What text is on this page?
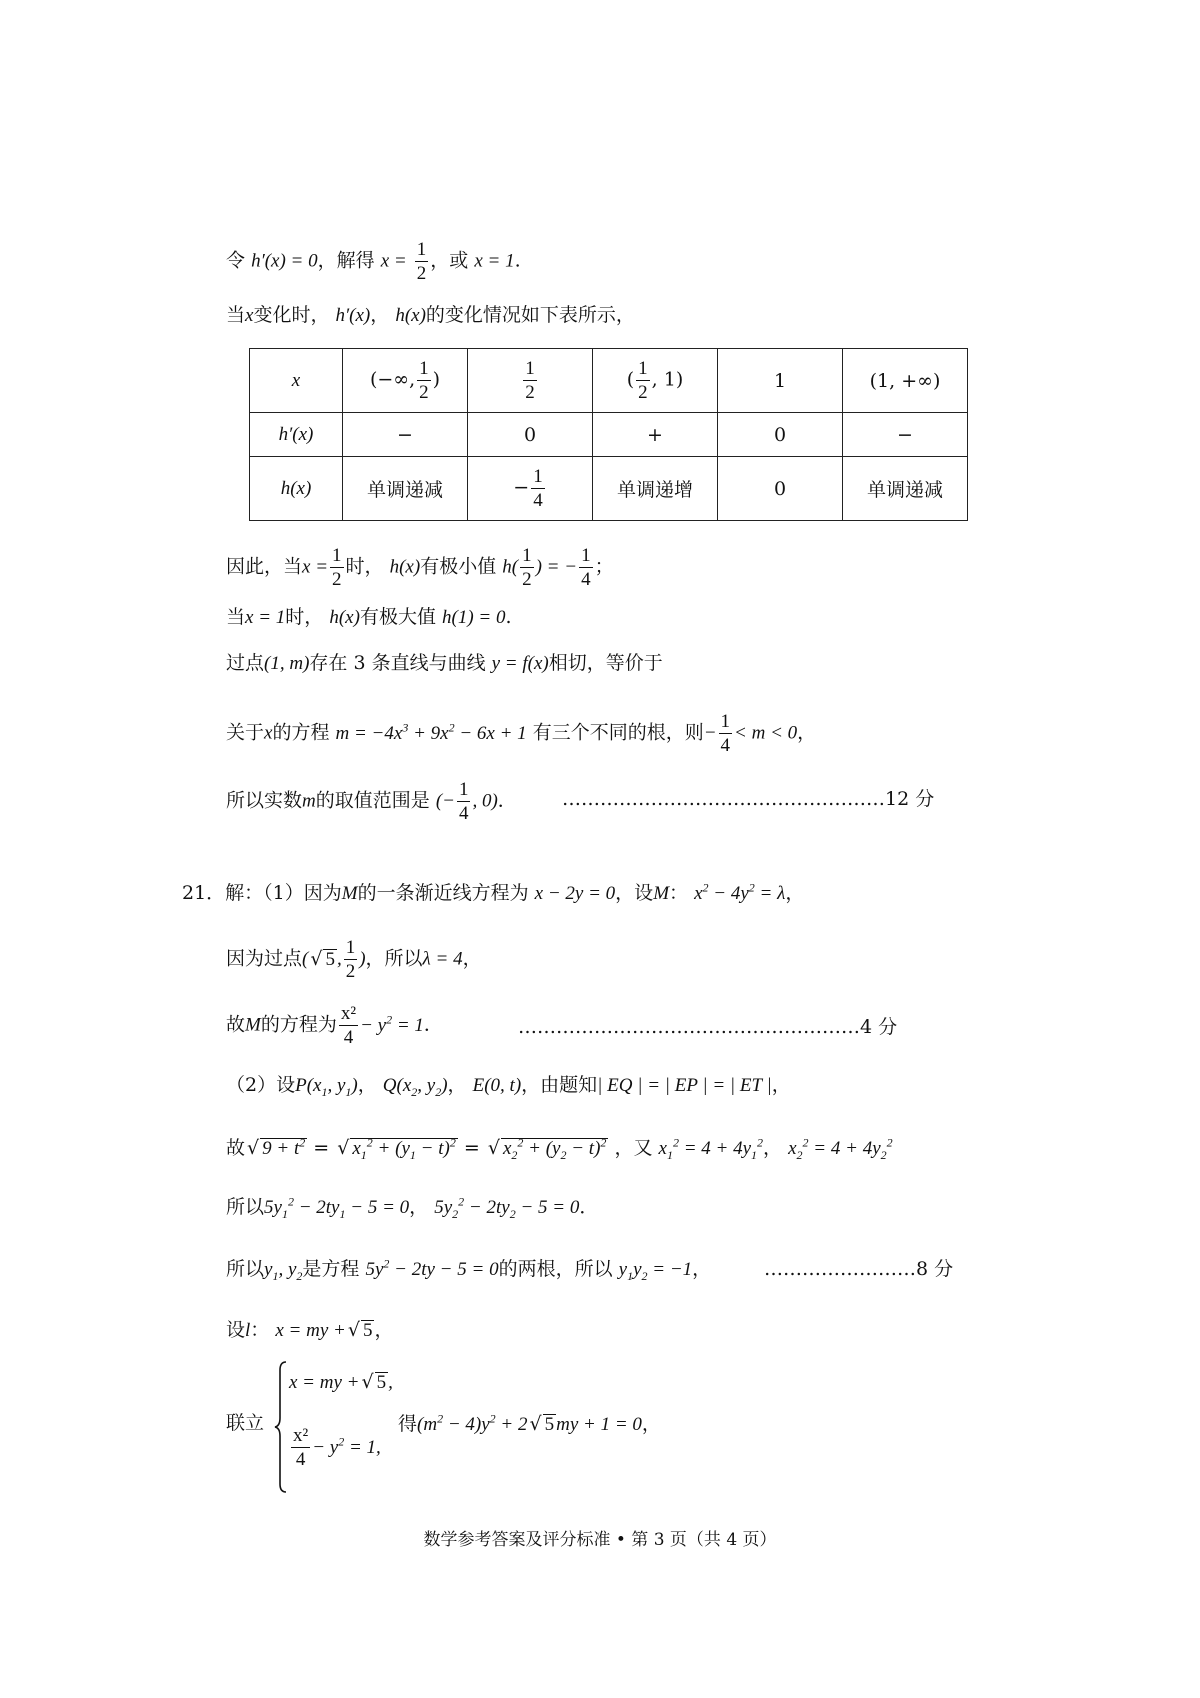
令 h′(x) = 0，解得 $x = \frac{1}{2}$ ，或 x = 1.
当x变化时， h′(x)， h(x)的变化情况如下表所示，
x	(−∞, $\frac{1}{2}$ )	$\frac{1}{2}$	( $\frac{1}{2}$ , 1)	1	(1, +∞)
h′(x)	−	0	+	0	−
h(x)	单调递减	− $\frac{1}{4}$	单调递增	0	单调递减
因此，当$x = \frac{1}{2}$ 时， h(x)有极小值 $h( \frac{1}{2}$ ) = − $\frac{1}{4}$ ；
当x = 1时， h(x)有极大值 h(1) = 0.
过点(1, m)存在 3 条直线与曲线 y = f(x)相切，等价于
关于x的方程 $m = -4x^3 + 9x^2 - 6x + 1$ 有三个不同的根，则− $\frac{1}{4} < m < 0$，
所以实数m的取值范围是 (− $\frac{1}{4}$ , 0)． ……………………………………………12 分
21．解：（1）因为M的一条渐近线方程为 x − 2y = 0，设M： $x^2 - 4y^2 = \lambda$，
因为过点( √ 5 , $\frac{1}{2}$ )，所以λ = 4，
故M的方程为 $\frac{\text{x²}}{4} - y^2 = 1$．	………………………………………………4 分
（2）设$P(x_1$, $y_1$)， $Q(x_2$, $y_2$)， E(0, t)，由题知| EQ | = | EP | = | ET |，
故 √ $9 + t^2$ = √ $x_1^2 + (y_1 - t)^2$ = √ $x_2^2 + (y_2 - t)^2$ ，又 $x_1^2 = 4 + 4y_1^2$， $x_2^2 = 4 + 4y_2^2$
所以$5y_1^2 - 2ty_1 - 5 = 0$， $5y_2^2 - 2ty_2 - 5 = 0$．
所以$y_1$, $y_2$是方程 $5y^2 - 2ty - 5 = 0$的两根，所以 $y_1y_2 = -1$，	……………………8 分
设l： x = my + √ 5 ，
联立
x = my + √ 5 ,
$\frac{\text{x²}}{4} - y^2 = 1$,
得$(m^2 - 4)y^2 + 2$ √ 5 my + 1 = 0，
数学参考答案及评分标准 • 第 3 页（共 4 页）
